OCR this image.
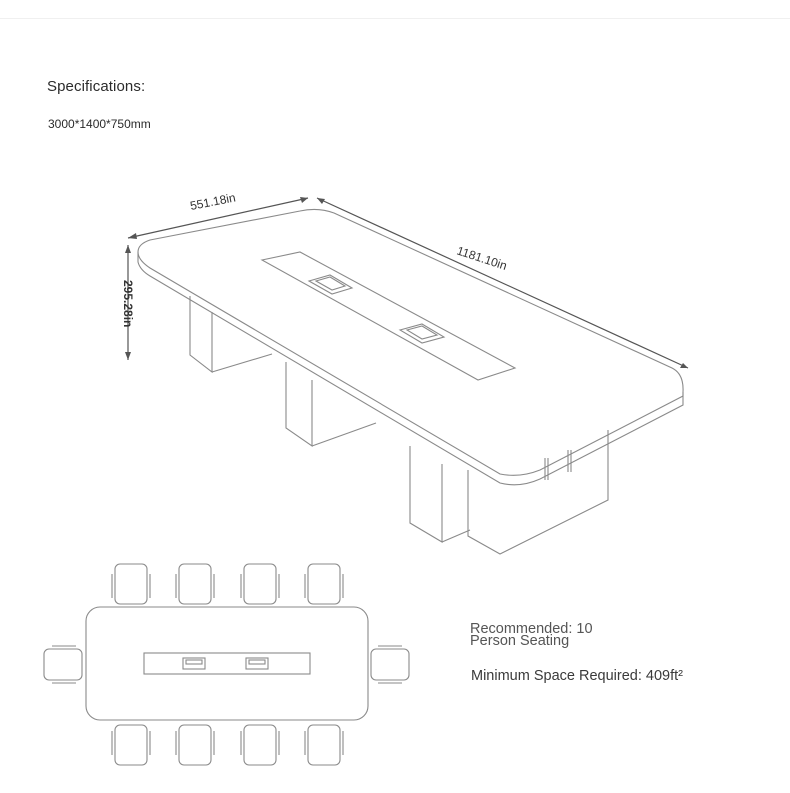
Specifications:
3000*1400*750mm
551.18in
1181.10in
295.28in
Recommended: 10
Person Seating
Minimum Space Required: 409ft²
